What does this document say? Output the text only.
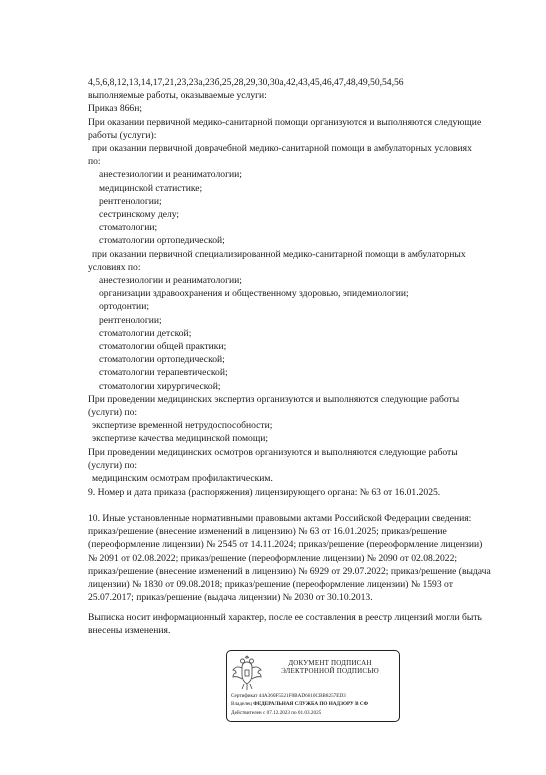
4,5,6,8,12,13,14,17,21,23,23а,23б,25,28,29,30,30а,42,43,45,46,47,48,49,50,54,56
выполняемые работы, оказываемые услуги:
Приказ 866н;
При оказании первичной медико-санитарной помощи организуются и выполняются следующие
работы (услуги):
при оказании первичной доврачебной медико-санитарной помощи в амбулаторных условиях
по:
анестезиологии и реаниматологии;
медицинской статистике;
рентгенологии;
сестринскому делу;
стоматологии;
стоматологии ортопедической;
при оказании первичной специализированной медико-санитарной помощи в амбулаторных
условиях по:
анестезиологии и реаниматологии;
организации здравоохранения и общественному здоровью, эпидемиологии;
ортодонтии;
рентгенологии;
стоматологии детской;
стоматологии общей практики;
стоматологии ортопедической;
стоматологии терапевтической;
стоматологии хирургической;
При проведении медицинских экспертиз организуются и выполняются следующие работы
(услуги) по:
экспертизе временной нетрудоспособности;
экспертизе качества медицинской помощи;
При проведении медицинских осмотров организуются и выполняются следующие работы
(услуги) по:
медицинским осмотрам профилактическим.
9. Номер и дата приказа (распоряжения) лицензирующего органа: № 63 от 16.01.2025.
10. Иные установленные нормативными правовыми актами Российской Федерации сведения:
приказ/решение (внесение изменений в лицензию) № 63 от 16.01.2025; приказ/решение
(переоформление лицензии) № 2545 от 14.11.2024; приказ/решение (переоформление лицензии)
№ 2091 от 02.08.2022; приказ/решение (переоформление лицензии) № 2090 от 02.08.2022;
приказ/решение (внесение изменений в лицензию) № 6929 от 29.07.2022; приказ/решение (выдача
лицензии) № 1830 от 09.08.2018; приказ/решение (переоформление лицензии) № 1593 от
25.07.2017; приказ/решение (выдача лицензии) № 2030 от 30.10.2013.
Выписка носит информационный характер, после ее составления в реестр лицензий могли быть
внесены изменения.
ДОКУМЕНТ ПОДПИСАН
ЭЛЕКТРОННОЙ ПОДПИСЬЮ
Сертификат 44A360F5521F0BAD6610CBB8257ED3
Владелец ФЕДЕРАЛЬНАЯ СЛУЖБА ПО НАДЗОРУ В СФ
Действителен с 07.12.2023 по 01.03.2025
